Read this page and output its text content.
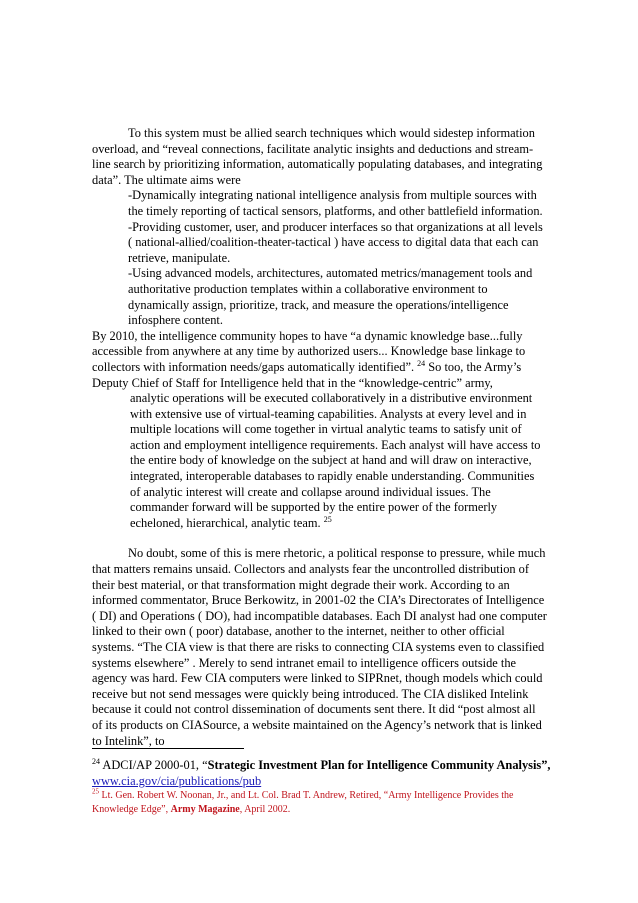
To this system must be allied search techniques which would sidestep information overload, and “reveal connections, facilitate analytic insights and deductions and stream-line search by prioritizing information, automatically populating databases, and integrating data”. The ultimate aims were

-Dynamically integrating national intelligence analysis from multiple sources with the timely reporting of tactical sensors, platforms, and other battlefield information.

-Providing customer, user, and producer interfaces so that organizations at all levels ( national-allied/coalition-theater-tactical ) have access to digital data that each can retrieve, manipulate.

-Using advanced models, architectures, automated metrics/management tools and authoritative production templates within a collaborative environment to dynamically assign, prioritize, track, and measure the operations/intelligence infosphere content.

By 2010, the intelligence community hopes to have “a dynamic knowledge base...fully accessible from anywhere at any time by authorized users... Knowledge base linkage to collectors with information needs/gaps automatically identified”. $^{24}$ So too, the Army’s Deputy Chief of Staff for Intelligence held that in the “knowledge-centric” army,

analytic operations will be executed collaboratively in a distributive environment with extensive use of virtual-teaming capabilities. Analysts at every level and in multiple locations will come together in virtual analytic teams to satisfy unit of action and employment intelligence requirements. Each analyst will have access to the entire body of knowledge on the subject at hand and will draw on interactive, integrated, interoperable databases to rapidly enable understanding. Communities of analytic interest will create and collapse around individual issues. The commander forward will be supported by the entire power of the formerly echeloned, hierarchical, analytic team. $^{25}$

No doubt, some of this is mere rhetoric, a political response to pressure, while much that matters remains unsaid. Collectors and analysts fear the uncontrolled distribution of their best material, or that transformation might degrade their work. According to an informed commentator, Bruce Berkowitz, in 2001-02 the CIA’s Directorates of Intelligence ( DI) and Operations ( DO), had incompatible databases. Each DI analyst had one computer linked to their own ( poor) database, another to the internet, neither to other official systems. “The CIA view is that there are risks to connecting CIA systems even to classified systems elsewhere” . Merely to send intranet email to intelligence officers outside the agency was hard. Few CIA computers were linked to SIPRnet, though models which could receive but not send messages were quickly being introduced. The CIA disliked Intelink because it could not control dissemination of documents sent there. It did “post almost all of its products on CIASource, a website maintained on the Agency’s network that is linked to Intelink”, to

$^{24}$ ADCI/AP 2000-01, “Strategic Investment Plan for Intelligence Community Analysis”, www.cia.gov/cia/publications/pub

$^{25}$ Lt. Gen. Robert W. Noonan, Jr., and Lt. Col. Brad T. Andrew, Retired, “Army Intelligence Provides the Knowledge Edge”, Army Magazine, April 2002.
